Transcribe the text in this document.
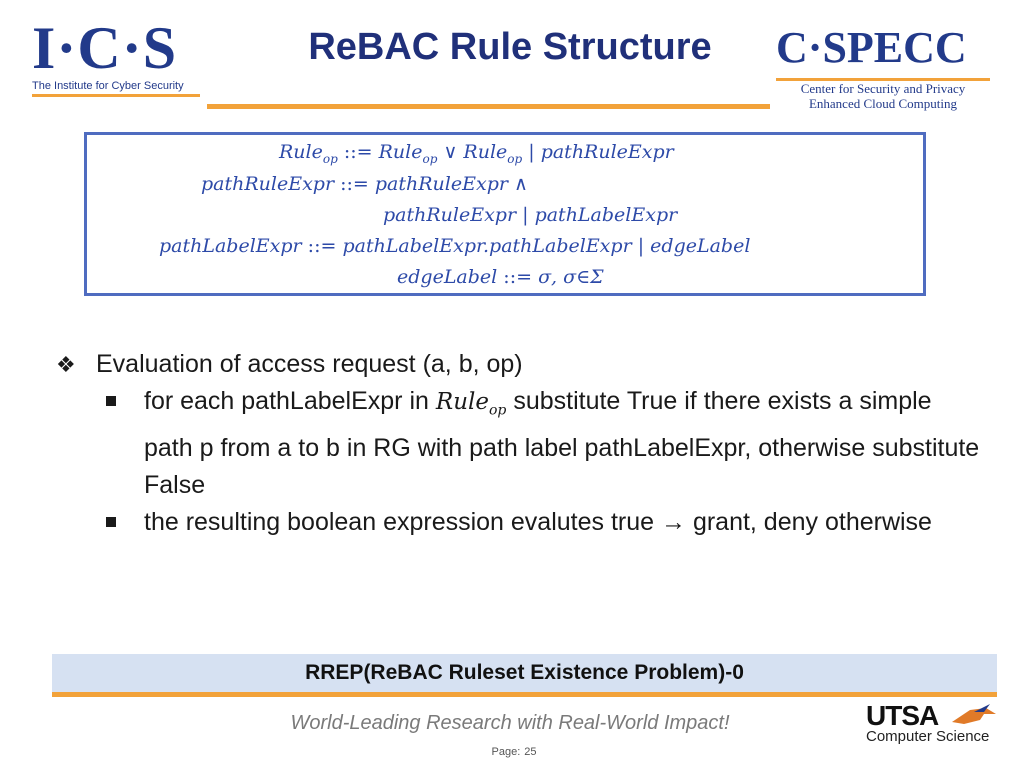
I·C·S
The Institute for Cyber Security
ReBAC Rule Structure	C·SPECC
Center for Security and Privacy
Enhanced Cloud Computing
Rule$_{op}$ ::= Rule$_{op}$ ∨ Rule$_{op}$ | pathRuleExpr
pathRuleExpr ::= pathRuleExpr ∧
pathRuleExpr | pathLabelExpr
pathLabelExpr ::= pathLabelExpr.pathLabelExpr | edgeLabel
edgeLabel ::= σ, σ∈Σ
❖ Evaluation of access request (a, b, op)
for each pathLabelExpr in Rule$_{op}$ substitute True if there exists a simple path p from a to b in RG with path label pathLabelExpr, otherwise substitute False
the resulting boolean expression evalutes true → grant, deny otherwise
RREP(ReBAC Ruleset Existence Problem)-0
World-Leading Research with Real-World Impact!
Page: 25
UTSA
Computer Science
